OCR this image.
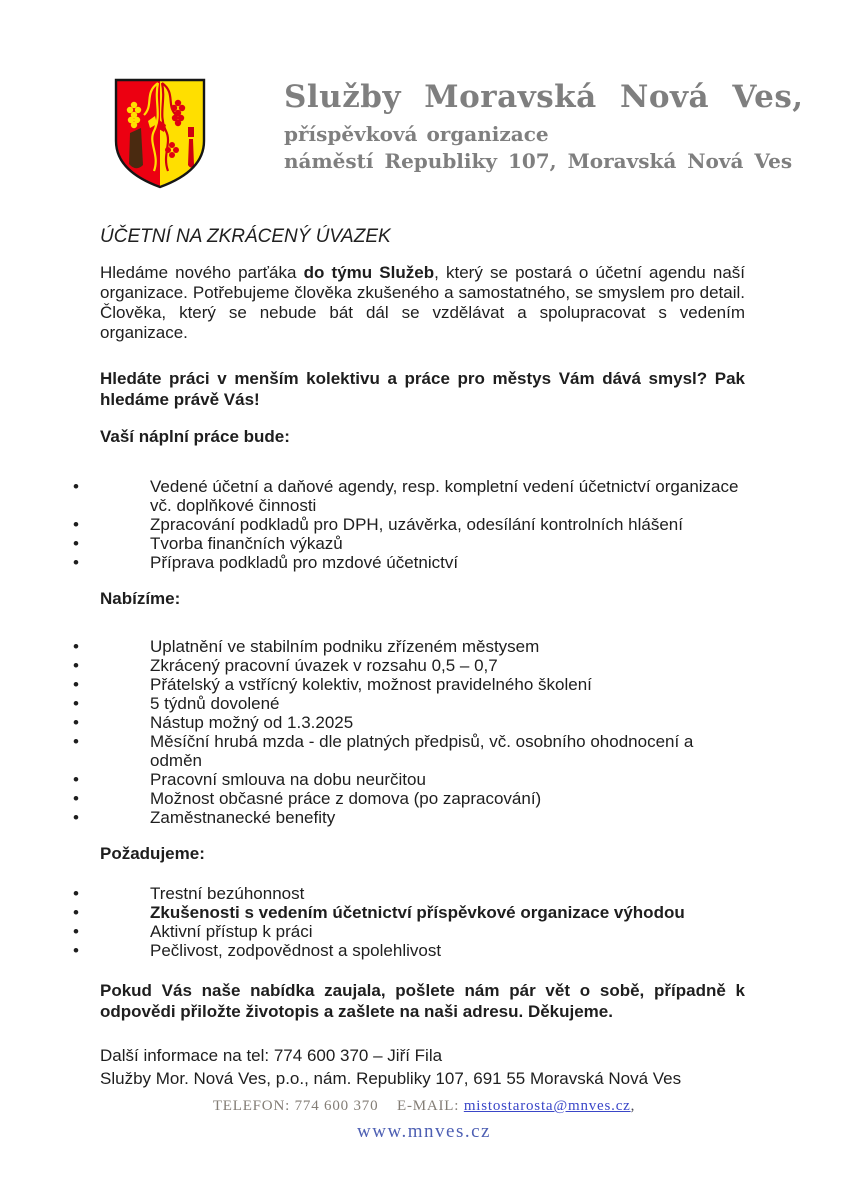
Služby Moravská Nová Ves,
příspěvková organizace
náměstí Republiky 107, Moravská Nová Ves
ÚČETNÍ NA ZKRÁCENÝ ÚVAZEK

Hledáme nového parťáka do týmu Služeb, který se postará o účetní agendu naší organizace. Potřebujeme člověka zkušeného a samostatného, se smyslem pro detail. Člověka, který se nebude bát dál se vzdělávat a spolupracovat s vedením organizace.

Hledáte práci v menším kolektivu a práce pro městys Vám dává smysl? Pak hledáme právě Vás!

Vaší náplní práce bude:

•	Vedené účetní a daňové agendy, resp. kompletní vedení účetnictví organizace vč. doplňkové činnosti
•	Zpracování podkladů pro DPH, uzávěrka, odesílání kontrolních hlášení
•	Tvorba finančních výkazů
•	Příprava podkladů pro mzdové účetnictví

Nabízíme:

•	Uplatnění ve stabilním podniku zřízeném městysem
•	Zkrácený pracovní úvazek v rozsahu 0,5 – 0,7
•	Přátelský a vstřícný kolektiv, možnost pravidelného školení
•	5 týdnů dovolené
•	Nástup možný od 1.3.2025
•	Měsíční hrubá mzda - dle platných předpisů, vč. osobního ohodnocení a odměn
•	Pracovní smlouva na dobu neurčitou
•	Možnost občasné práce z domova (po zapracování)
•	Zaměstnanecké benefity

Požadujeme:

•	Trestní bezúhonnost
•	Zkušenosti s vedením účetnictví příspěvkové organizace výhodou
•	Aktivní přístup k práci
•	Pečlivost, zodpovědnost a spolehlivost

Pokud Vás naše nabídka zaujala, pošlete nám pár vět o sobě, případně k odpovědi přiložte životopis a zašlete na naši adresu. Děkujeme.

Další informace na tel: 774 600 370 – Jiří Fila

Služby Mor. Nová Ves, p.o., nám. Republiky 107, 691 55 Moravská Nová Ves

TELEFON: 774 600 370 E-MAIL: mistostarosta@mnves.cz,
www.mnves.cz
